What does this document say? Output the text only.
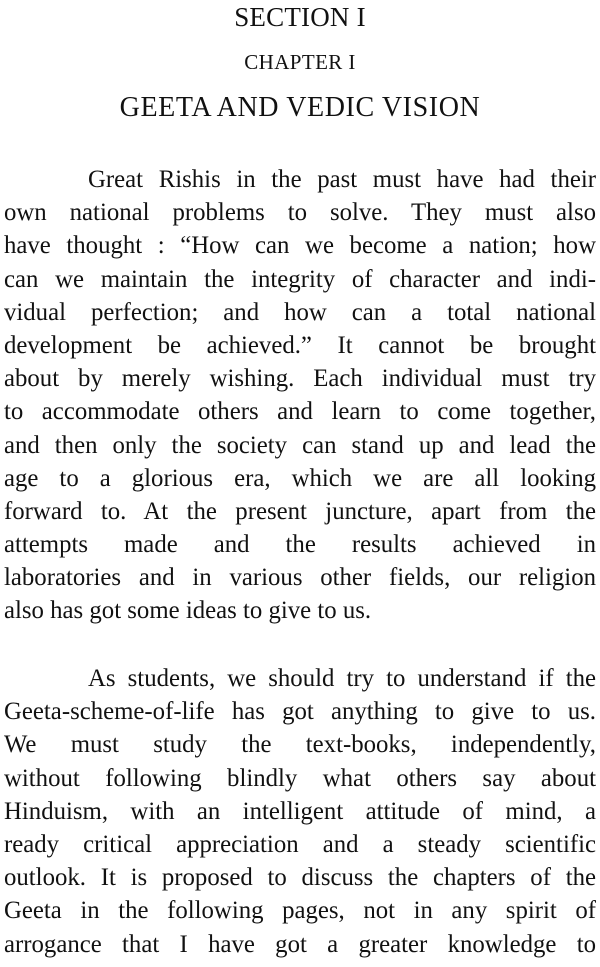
SECTION I
CHAPTER I
GEETA AND VEDIC VISION
Great Rishis in the past must have had their
own national problems to solve. They must also
have thought : “How can we become a nation; how
can we maintain the integrity of character and indi-
vidual perfection; and how can a total national
development be achieved.” It cannot be brought
about by merely wishing. Each individual must try
to accommodate others and learn to come together,
and then only the society can stand up and lead the
age to a glorious era, which we are all looking
forward to. At the present juncture, apart from the
attempts made and the results achieved in
laboratories and in various other fields, our religion
also has got some ideas to give to us.
As students, we should try to understand if the
Geeta-scheme-of-life has got anything to give to us.
We must study the text-books, independently,
without following blindly what others say about
Hinduism, with an intelligent attitude of mind, a
ready critical appreciation and a steady scientific
outlook. It is proposed to discuss the chapters of the
Geeta in the following pages, not in any spirit of
arrogance that I have got a greater knowledge to
